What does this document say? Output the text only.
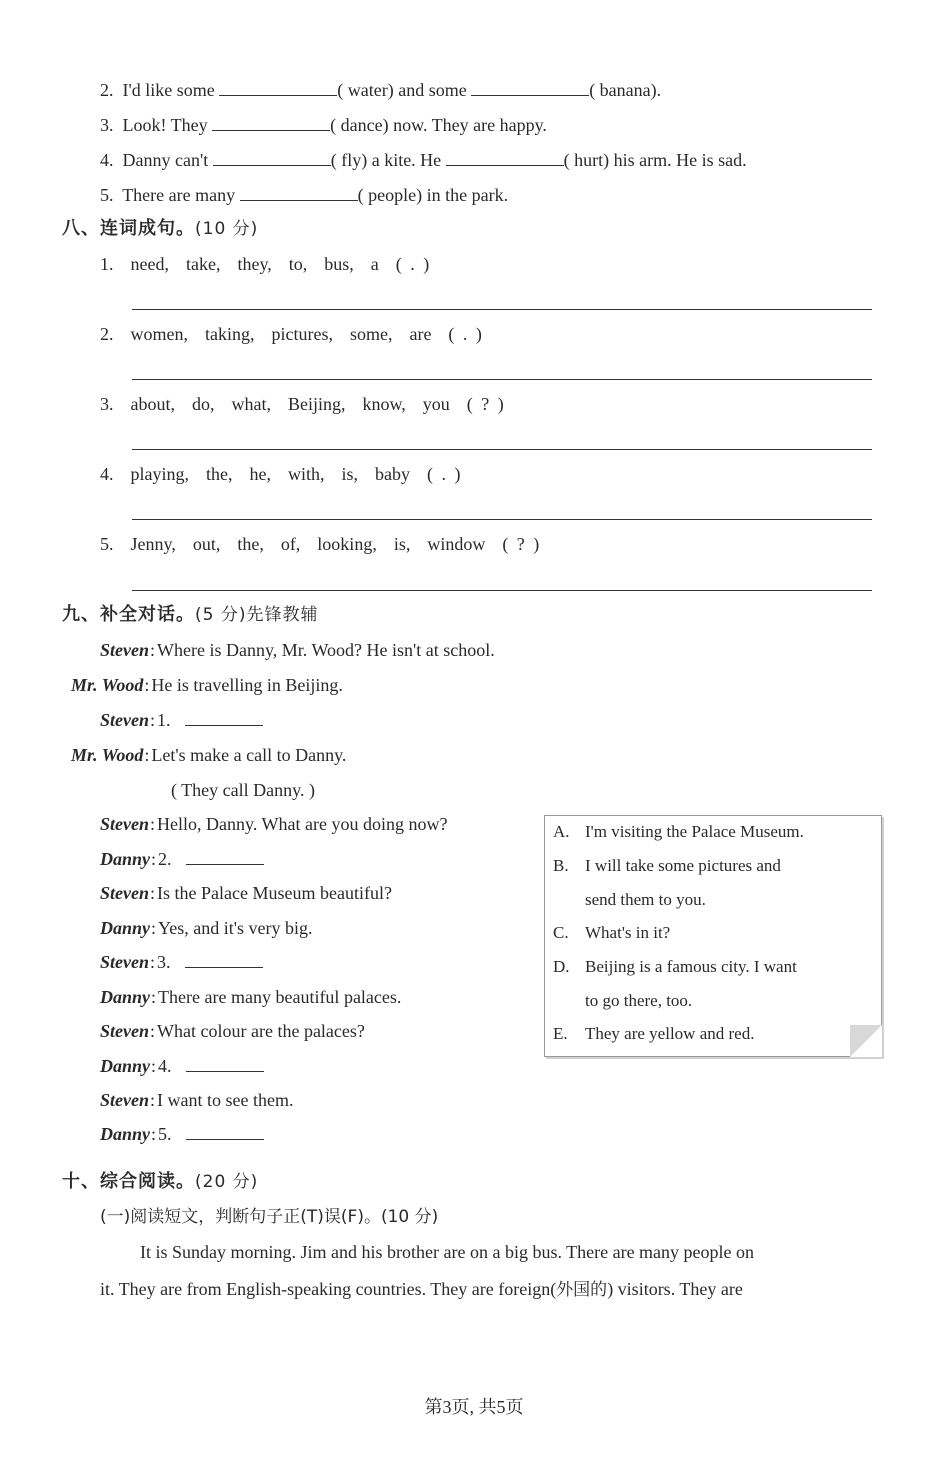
2. I'd like some	( water) and some	( banana).
3. Look! They	( dance) now. They are happy.
4. Danny can't	( fly) a kite. He	( hurt) his arm. He is sad.
5. There are many	( people) in the park.
八、连词成句。(10 分)
1. need,  take,  they,  to,  bus,  a  ( . )
2. women,  taking,  pictures,  some,  are  ( . )
3. about,  do,  what,  Beijing,  know,  you  ( ? )
4. playing,  the,  he,  with,  is,  baby  ( . )
5. Jenny,  out,  the,  of,  looking,  is,  window  ( ? )
九、补全对话。(5 分)先锋教辅
Steven: Where is Danny, Mr. Wood? He isn't at school.
Mr. Wood: He is travelling in Beijing.
Steven: 1.
Mr. Wood: Let's make a call to Danny.
( They call Danny. )
Steven: Hello, Danny. What are you doing now?
Danny: 2.
Steven: Is the Palace Museum beautiful?
Danny: Yes, and it's very big.
Steven: 3.
Danny: There are many beautiful palaces.
Steven: What colour are the palaces?
Danny: 4.
Steven: I want to see them.
Danny: 5.
A. I'm visiting the Palace Museum.
B. I will take some pictures and
send them to you.
C. What's in it?
D. Beijing is a famous city. I want
to go there, too.
E. They are yellow and red.
十、综合阅读。(20 分)
(一)阅读短文，判断句子正(T)误(F)。(10 分)
It is Sunday morning. Jim and his brother are on a big bus. There are many people on
it. They are from English-speaking countries. They are foreign(外国的) visitors. They are
第3页, 共5页
